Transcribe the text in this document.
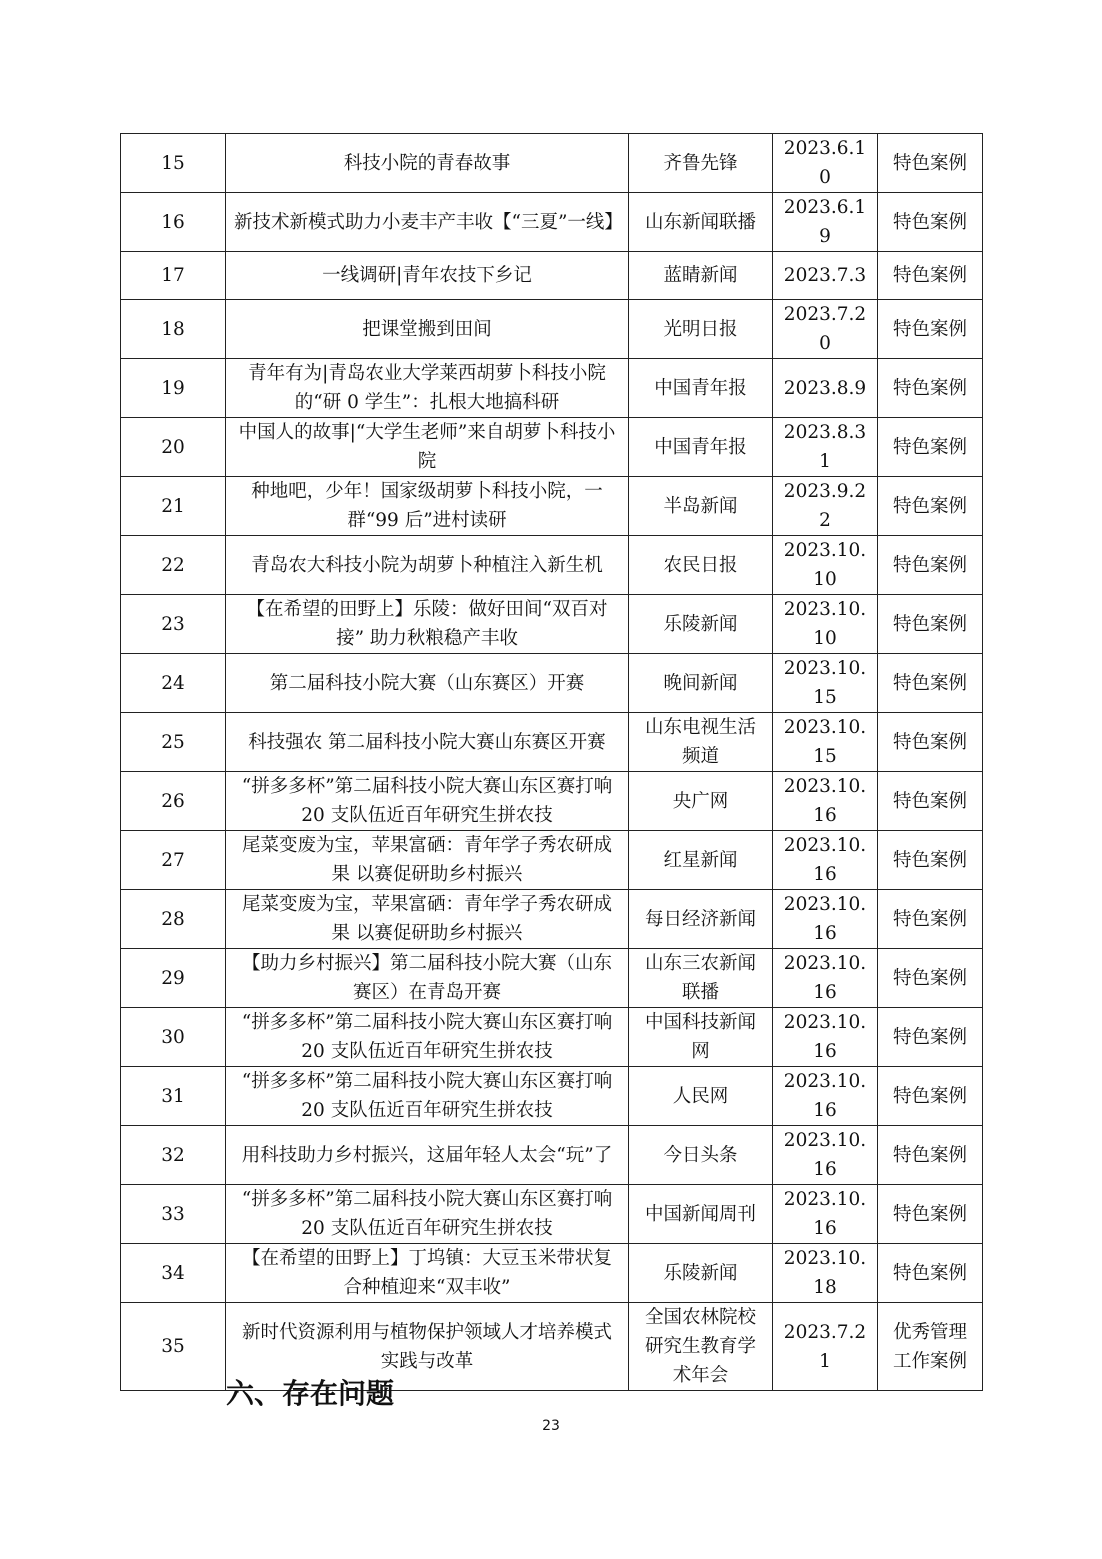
15	科技小院的青春故事	齐鲁先锋	2023.6.10	特色案例
16	新技术新模式助力小麦丰产丰收【“三夏”一线】	山东新闻联播	2023.6.19	特色案例
17	一线调研|青年农技下乡记	蓝睛新闻	2023.7.3	特色案例
18	把课堂搬到田间	光明日报	2023.7.20	特色案例
19	青年有为|青岛农业大学莱西胡萝卜科技小院的“研 0 学生”：扎根大地搞科研	中国青年报	2023.8.9	特色案例
20	中国人的故事|“大学生老师”来自胡萝卜科技小院	中国青年报	2023.8.31	特色案例
21	种地吧，少年！国家级胡萝卜科技小院，一群“99 后”进村读研	半岛新闻	2023.9.22	特色案例
22	青岛农大科技小院为胡萝卜种植注入新生机	农民日报	2023.10.10	特色案例
23	【在希望的田野上】乐陵：做好田间“双百对接” 助力秋粮稳产丰收	乐陵新闻	2023.10.10	特色案例
24	第二届科技小院大赛（山东赛区）开赛	晚间新闻	2023.10.15	特色案例
25	科技强农 第二届科技小院大赛山东赛区开赛	山东电视生活频道	2023.10.15	特色案例
26	“拼多多杯”第二届科技小院大赛山东区赛打响 20 支队伍近百年研究生拼农技	央广网	2023.10.16	特色案例
27	尾菜变废为宝，苹果富硒：青年学子秀农研成果 以赛促研助乡村振兴	红星新闻	2023.10.16	特色案例
28	尾菜变废为宝，苹果富硒：青年学子秀农研成果 以赛促研助乡村振兴	每日经济新闻	2023.10.16	特色案例
29	【助力乡村振兴】第二届科技小院大赛（山东赛区）在青岛开赛	山东三农新闻联播	2023.10.16	特色案例
30	“拼多多杯”第二届科技小院大赛山东区赛打响 20 支队伍近百年研究生拼农技	中国科技新闻网	2023.10.16	特色案例
31	“拼多多杯”第二届科技小院大赛山东区赛打响 20 支队伍近百年研究生拼农技	人民网	2023.10.16	特色案例
32	用科技助力乡村振兴，这届年轻人太会“玩”了	今日头条	2023.10.16	特色案例
33	“拼多多杯”第二届科技小院大赛山东区赛打响 20 支队伍近百年研究生拼农技	中国新闻周刊	2023.10.16	特色案例
34	【在希望的田野上】丁坞镇：大豆玉米带状复合种植迎来“双丰收”	乐陵新闻	2023.10.18	特色案例
35	新时代资源利用与植物保护领域人才培养模式实践与改革	全国农林院校研究生教育学术年会	2023.7.21	优秀管理工作案例
六、存在问题
23
